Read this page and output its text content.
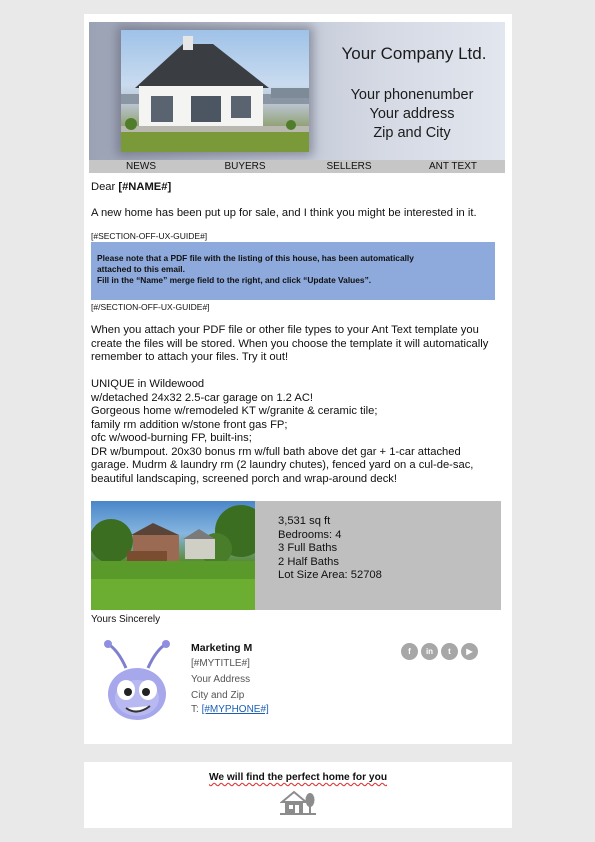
Your Company Ltd.
Your phonenumber
Your address
Zip and City
NEWS	BUYERS	SELLERS	ANT TEXT
Dear [#NAME#]
A new home has been put up for sale, and I think you might be interested in it.
[#SECTION-OFF-UX-GUIDE#]

Please note that a PDF file with the listing of this house, has been automatically

attached to this email.

Fill in the “Name” merge field to the right, and click “Update Values”.

[#/SECTION-OFF-UX-GUIDE#]
When you attach your PDF file or other file types to your Ant Text template you
create the files will be stored. When you choose the template it will automatically
remember to attach your files. Try it out!
UNIQUE in Wildewood
w/detached 24x32 2.5-car garage on 1.2 AC!
Gorgeous home w/remodeled KT w/granite & ceramic tile;
family rm addition w/stone front gas FP;
ofc w/wood-burning FP, built-ins;
DR w/bumpout. 20x30 bonus rm w/full bath above det gar + 1-car attached
garage. Mudrm & laundry rm (2 laundry chutes), fenced yard on a cul-de-sac,
beautiful landscaping, screened porch and wrap-around deck!
3,531 sq ft
Bedrooms: 4
3 Full Baths
2 Half Baths
Lot Size Area: 52708
Yours Sincerely
Marketing M
[#MYTITLE#]
Your Address
City and Zip
T: [#MYPHONE#]
f	in	t	▶
We will find the perfect home for you
